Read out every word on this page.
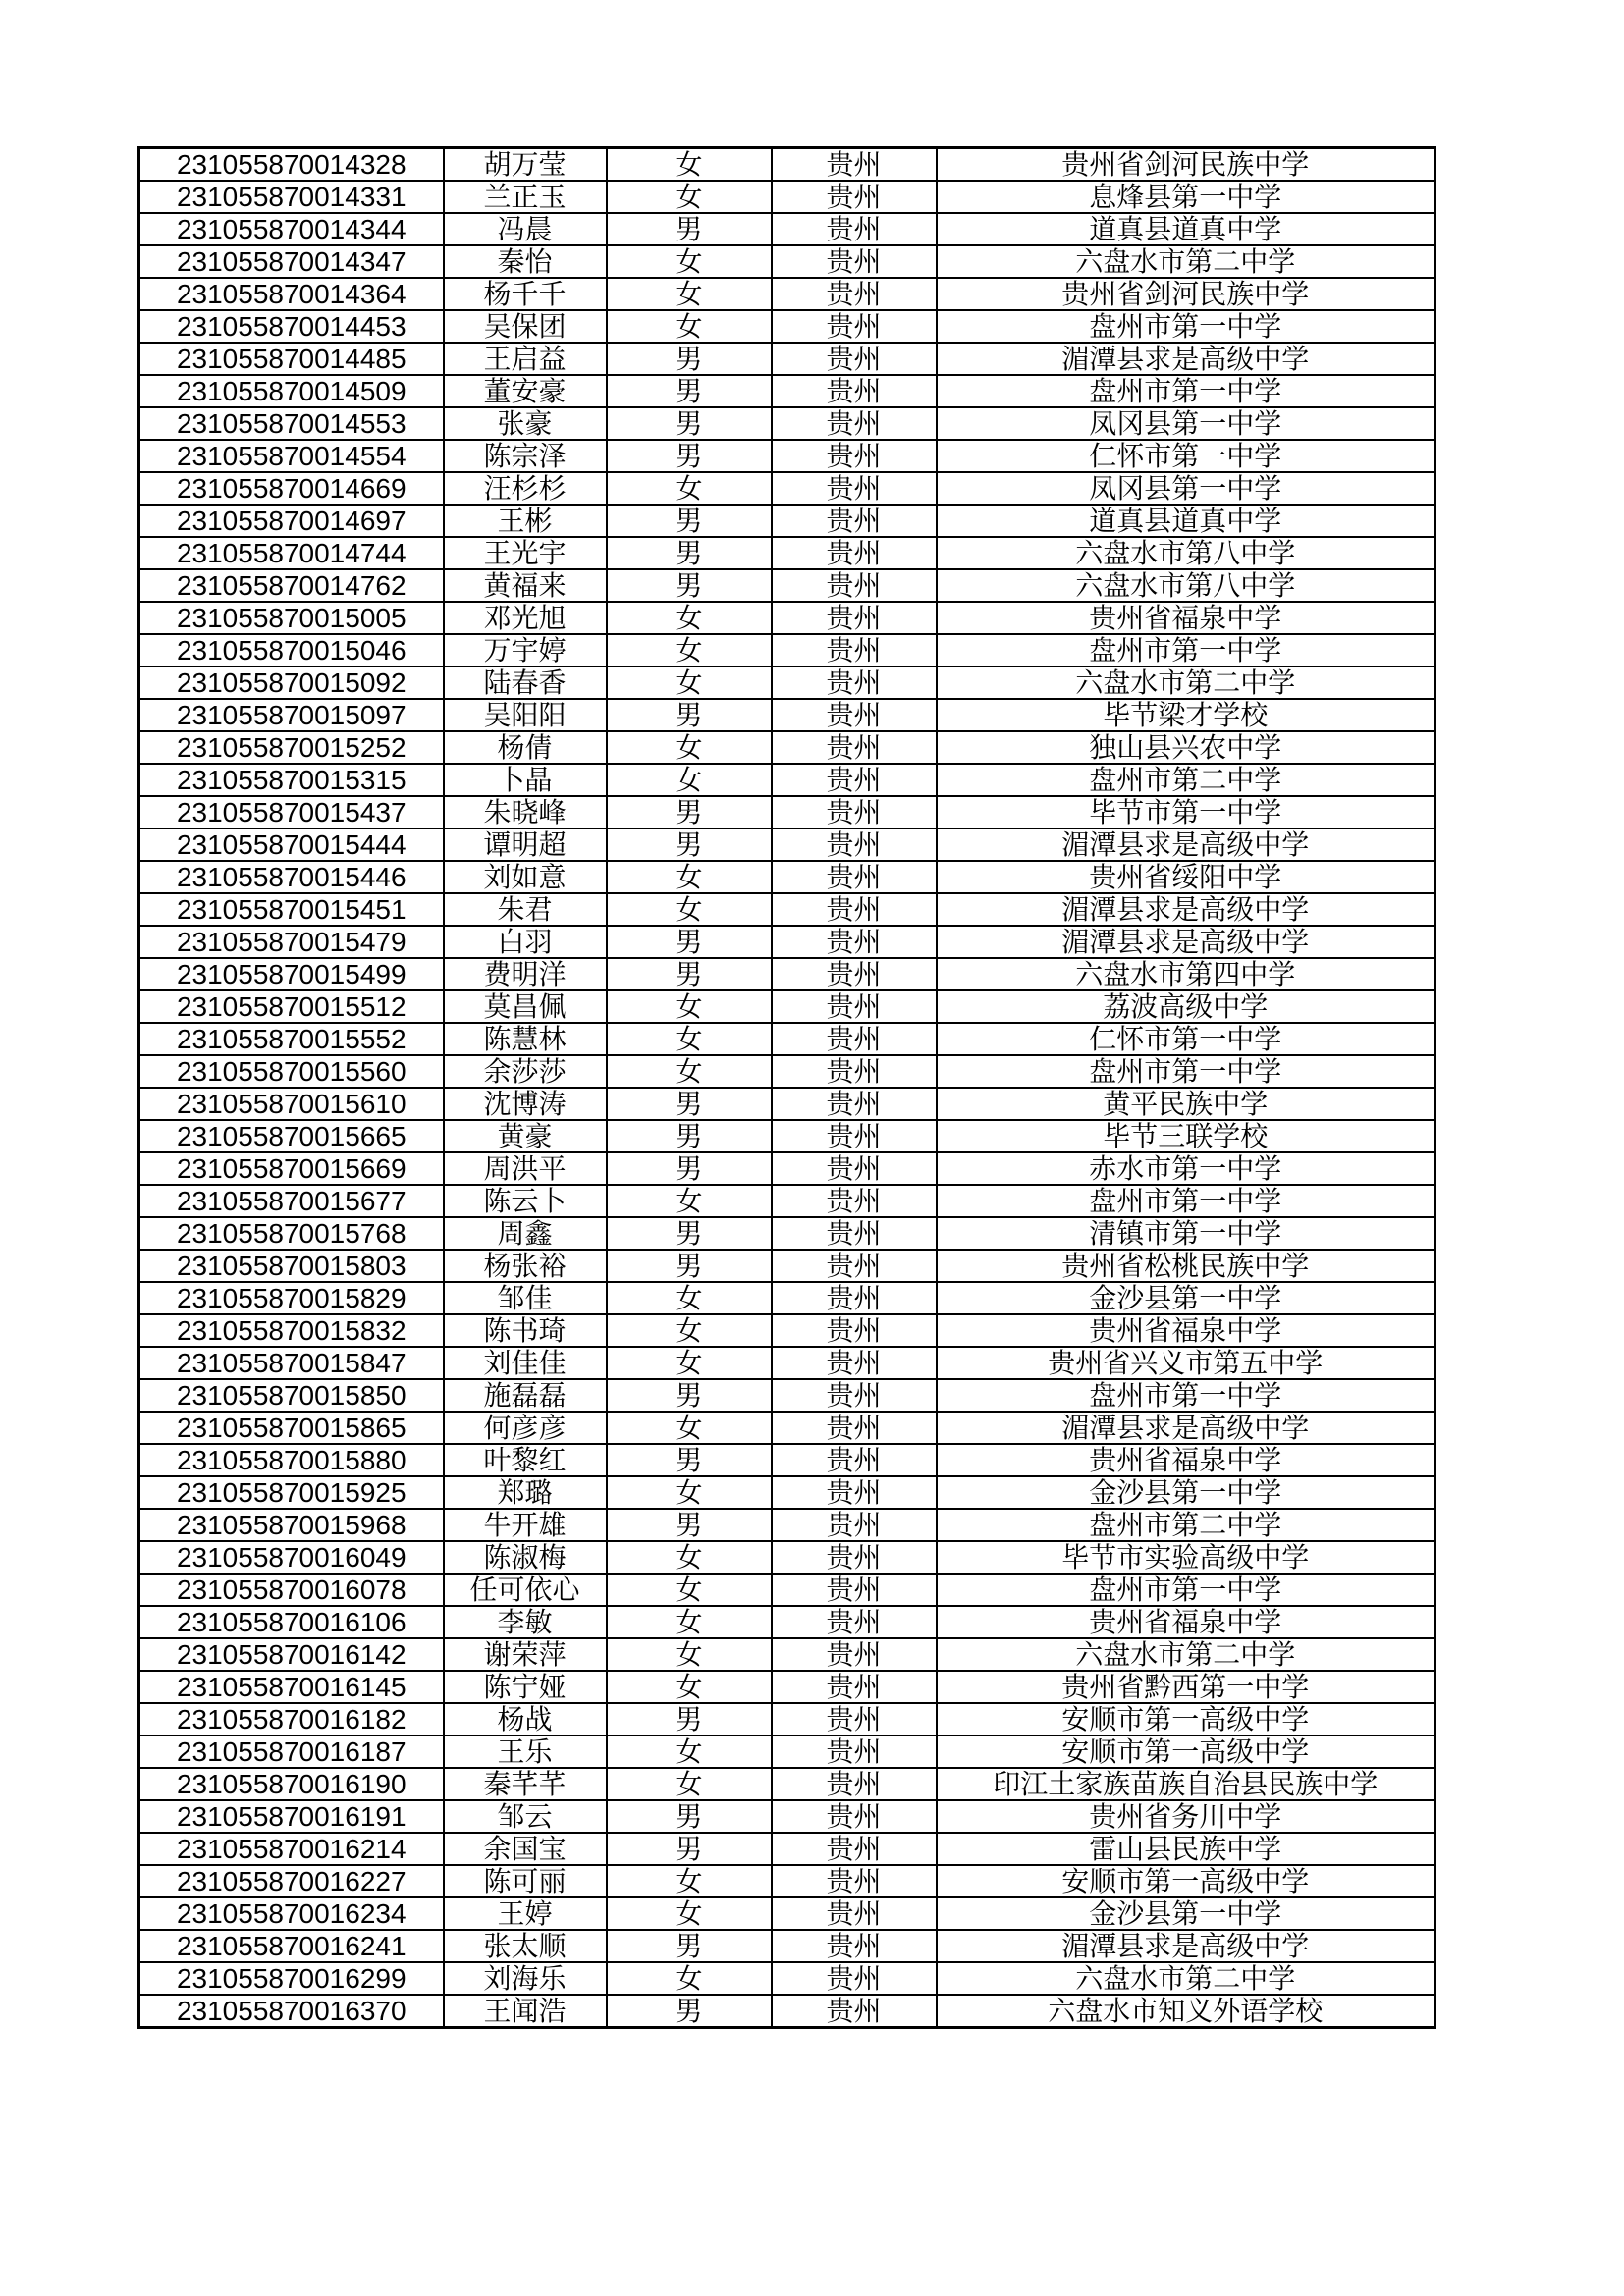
231055870014328	胡万莹	女	贵州	贵州省剑河民族中学
231055870014331	兰正玉	女	贵州	息烽县第一中学
231055870014344	冯晨	男	贵州	道真县道真中学
231055870014347	秦怡	女	贵州	六盘水市第二中学
231055870014364	杨千千	女	贵州	贵州省剑河民族中学
231055870014453	吴保团	女	贵州	盘州市第一中学
231055870014485	王启益	男	贵州	湄潭县求是高级中学
231055870014509	董安豪	男	贵州	盘州市第一中学
231055870014553	张豪	男	贵州	凤冈县第一中学
231055870014554	陈宗泽	男	贵州	仁怀市第一中学
231055870014669	汪杉杉	女	贵州	凤冈县第一中学
231055870014697	王彬	男	贵州	道真县道真中学
231055870014744	王光宇	男	贵州	六盘水市第八中学
231055870014762	黄福来	男	贵州	六盘水市第八中学
231055870015005	邓光旭	女	贵州	贵州省福泉中学
231055870015046	万宇婷	女	贵州	盘州市第一中学
231055870015092	陆春香	女	贵州	六盘水市第二中学
231055870015097	吴阳阳	男	贵州	毕节梁才学校
231055870015252	杨倩	女	贵州	独山县兴农中学
231055870015315	卜晶	女	贵州	盘州市第二中学
231055870015437	朱晓峰	男	贵州	毕节市第一中学
231055870015444	谭明超	男	贵州	湄潭县求是高级中学
231055870015446	刘如意	女	贵州	贵州省绥阳中学
231055870015451	朱君	女	贵州	湄潭县求是高级中学
231055870015479	白羽	男	贵州	湄潭县求是高级中学
231055870015499	费明洋	男	贵州	六盘水市第四中学
231055870015512	莫昌佩	女	贵州	荔波高级中学
231055870015552	陈慧林	女	贵州	仁怀市第一中学
231055870015560	余莎莎	女	贵州	盘州市第一中学
231055870015610	沈博涛	男	贵州	黄平民族中学
231055870015665	黄豪	男	贵州	毕节三联学校
231055870015669	周洪平	男	贵州	赤水市第一中学
231055870015677	陈云卜	女	贵州	盘州市第一中学
231055870015768	周鑫	男	贵州	清镇市第一中学
231055870015803	杨张裕	男	贵州	贵州省松桃民族中学
231055870015829	邹佳	女	贵州	金沙县第一中学
231055870015832	陈书琦	女	贵州	贵州省福泉中学
231055870015847	刘佳佳	女	贵州	贵州省兴义市第五中学
231055870015850	施磊磊	男	贵州	盘州市第一中学
231055870015865	何彦彦	女	贵州	湄潭县求是高级中学
231055870015880	叶黎红	男	贵州	贵州省福泉中学
231055870015925	郑璐	女	贵州	金沙县第一中学
231055870015968	牛开雄	男	贵州	盘州市第二中学
231055870016049	陈淑梅	女	贵州	毕节市实验高级中学
231055870016078	任可依心	女	贵州	盘州市第一中学
231055870016106	李敏	女	贵州	贵州省福泉中学
231055870016142	谢荣萍	女	贵州	六盘水市第二中学
231055870016145	陈宁娅	女	贵州	贵州省黔西第一中学
231055870016182	杨战	男	贵州	安顺市第一高级中学
231055870016187	王乐	女	贵州	安顺市第一高级中学
231055870016190	秦芊芊	女	贵州	印江土家族苗族自治县民族中学
231055870016191	邹云	男	贵州	贵州省务川中学
231055870016214	余国宝	男	贵州	雷山县民族中学
231055870016227	陈可丽	女	贵州	安顺市第一高级中学
231055870016234	王婷	女	贵州	金沙县第一中学
231055870016241	张太顺	男	贵州	湄潭县求是高级中学
231055870016299	刘海乐	女	贵州	六盘水市第二中学
231055870016370	王闻浩	男	贵州	六盘水市知义外语学校
